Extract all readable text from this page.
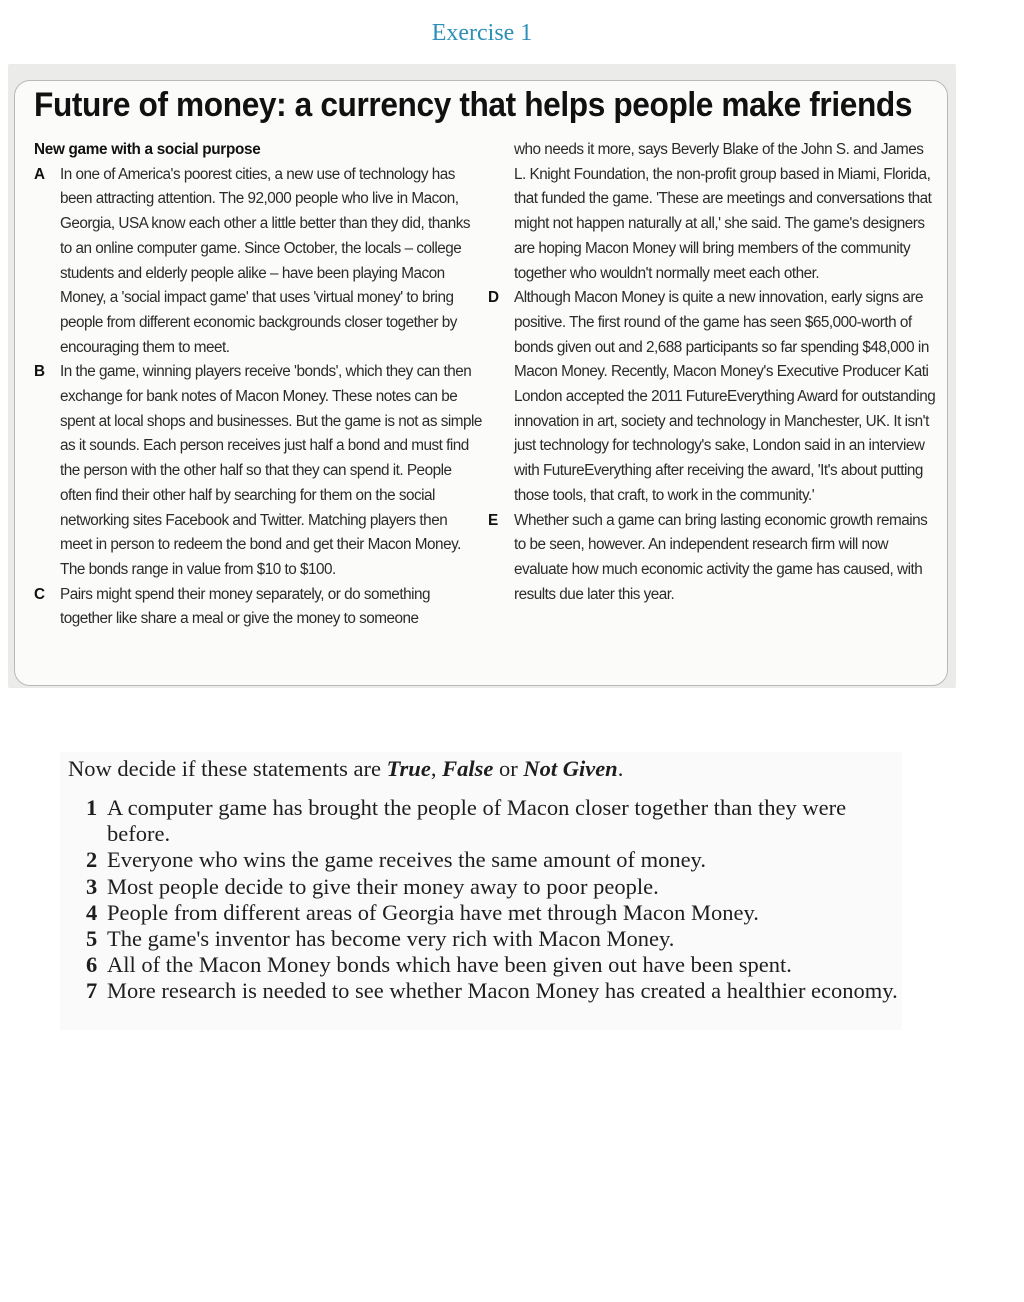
Exercise 1
Future of money: a currency that helps people make friends
New game with a social purpose
A In one of America's poorest cities, a new use of technology has been attracting attention. The 92,000 people who live in Macon, Georgia, USA know each other a little better than they did, thanks to an online computer game. Since October, the locals – college students and elderly people alike – have been playing Macon Money, a 'social impact game' that uses 'virtual money' to bring people from different economic backgrounds closer together by encouraging them to meet.
B In the game, winning players receive 'bonds', which they can then exchange for bank notes of Macon Money. These notes can be spent at local shops and businesses. But the game is not as simple as it sounds. Each person receives just half a bond and must find the person with the other half so that they can spend it. People often find their other half by searching for them on the social networking sites Facebook and Twitter. Matching players then meet in person to redeem the bond and get their Macon Money. The bonds range in value from $10 to $100.
C Pairs might spend their money separately, or do something together like share a meal or give the money to someone
who needs it more, says Beverly Blake of the John S. and James L. Knight Foundation, the non-profit group based in Miami, Florida, that funded the game. 'These are meetings and conversations that might not happen naturally at all,' she said. The game's designers are hoping Macon Money will bring members of the community together who wouldn't normally meet each other.
D Although Macon Money is quite a new innovation, early signs are positive. The first round of the game has seen $65,000-worth of bonds given out and 2,688 participants so far spending $48,000 in Macon Money. Recently, Macon Money's Executive Producer Kati London accepted the 2011 FutureEverything Award for outstanding innovation in art, society and technology in Manchester, UK. It isn't just technology for technology's sake, London said in an interview with FutureEverything after receiving the award, 'It's about putting those tools, that craft, to work in the community.'
E Whether such a game can bring lasting economic growth remains to be seen, however. An independent research firm will now evaluate how much economic activity the game has caused, with results due later this year.
Now decide if these statements are True, False or Not Given.
1 A computer game has brought the people of Macon closer together than they were before.
2 Everyone who wins the game receives the same amount of money.
3 Most people decide to give their money away to poor people.
4 People from different areas of Georgia have met through Macon Money.
5 The game's inventor has become very rich with Macon Money.
6 All of the Macon Money bonds which have been given out have been spent.
7 More research is needed to see whether Macon Money has created a healthier economy.
